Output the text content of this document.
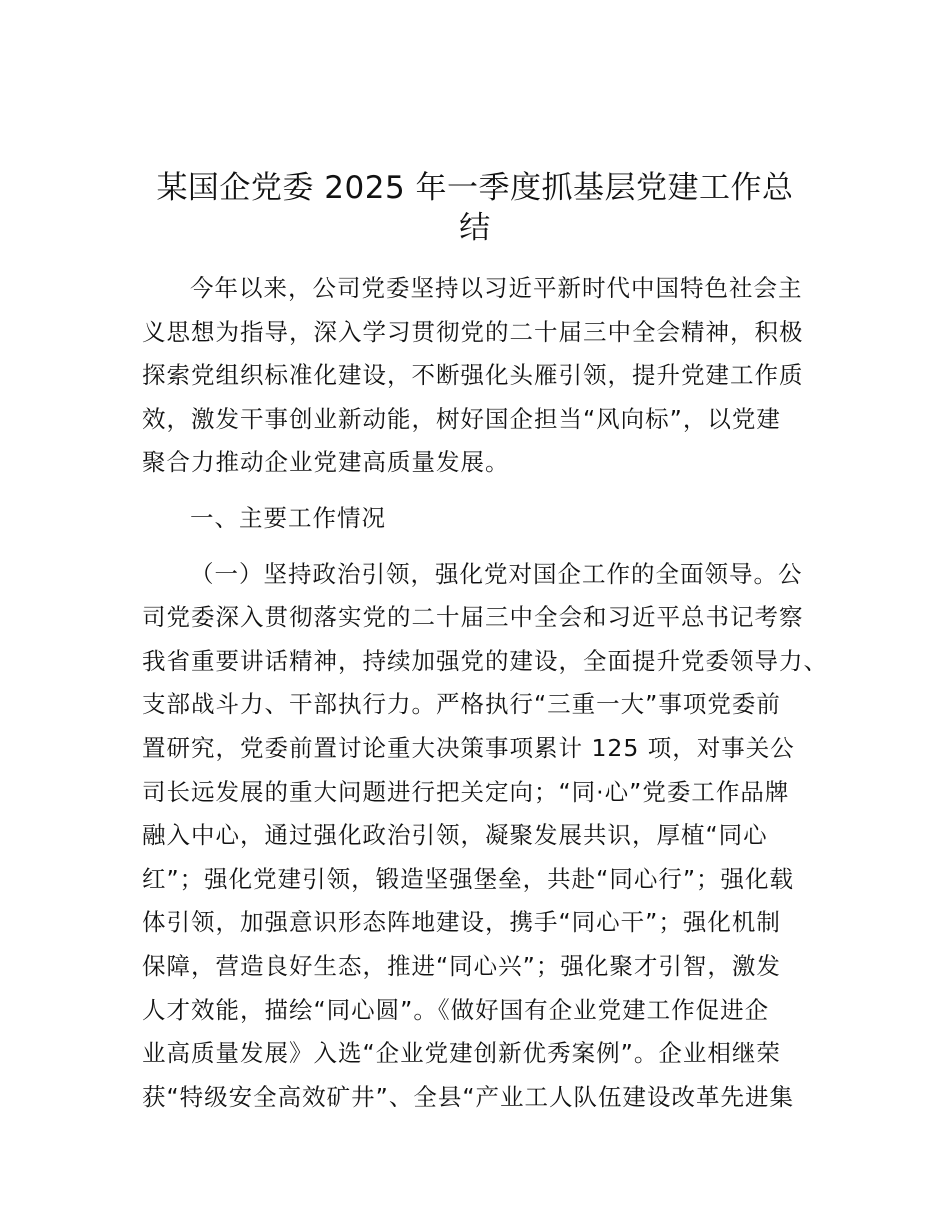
某国企党委 2025 年一季度抓基层党建工作总
结
今年以来，公司党委坚持以习近平新时代中国特色社会主
义思想为指导，深入学习贯彻党的二十届三中全会精神，积极
探索党组织标准化建设，不断强化头雁引领，提升党建工作质
效，激发干事创业新动能，树好国企担当“风向标”，以党建
聚合力推动企业党建高质量发展。
一、主要工作情况
（一）坚持政治引领，强化党对国企工作的全面领导。公
司党委深入贯彻落实党的二十届三中全会和习近平总书记考察
我省重要讲话精神，持续加强党的建设，全面提升党委领导力、
支部战斗力、干部执行力。严格执行“三重一大”事项党委前
置研究，党委前置讨论重大决策事项累计 125 项，对事关公
司长远发展的重大问题进行把关定向；“同·心”党委工作品牌
融入中心，通过强化政治引领，凝聚发展共识，厚植“同心
红”；强化党建引领，锻造坚强堡垒，共赴“同心行”；强化载
体引领，加强意识形态阵地建设，携手“同心干”；强化机制
保障，营造良好生态，推进“同心兴”；强化聚才引智，激发
人才效能，描绘“同心圆”。《做好国有企业党建工作促进企
业高质量发展》入选“企业党建创新优秀案例”。企业相继荣
获“特级安全高效矿井”、全县“产业工人队伍建设改革先进集
